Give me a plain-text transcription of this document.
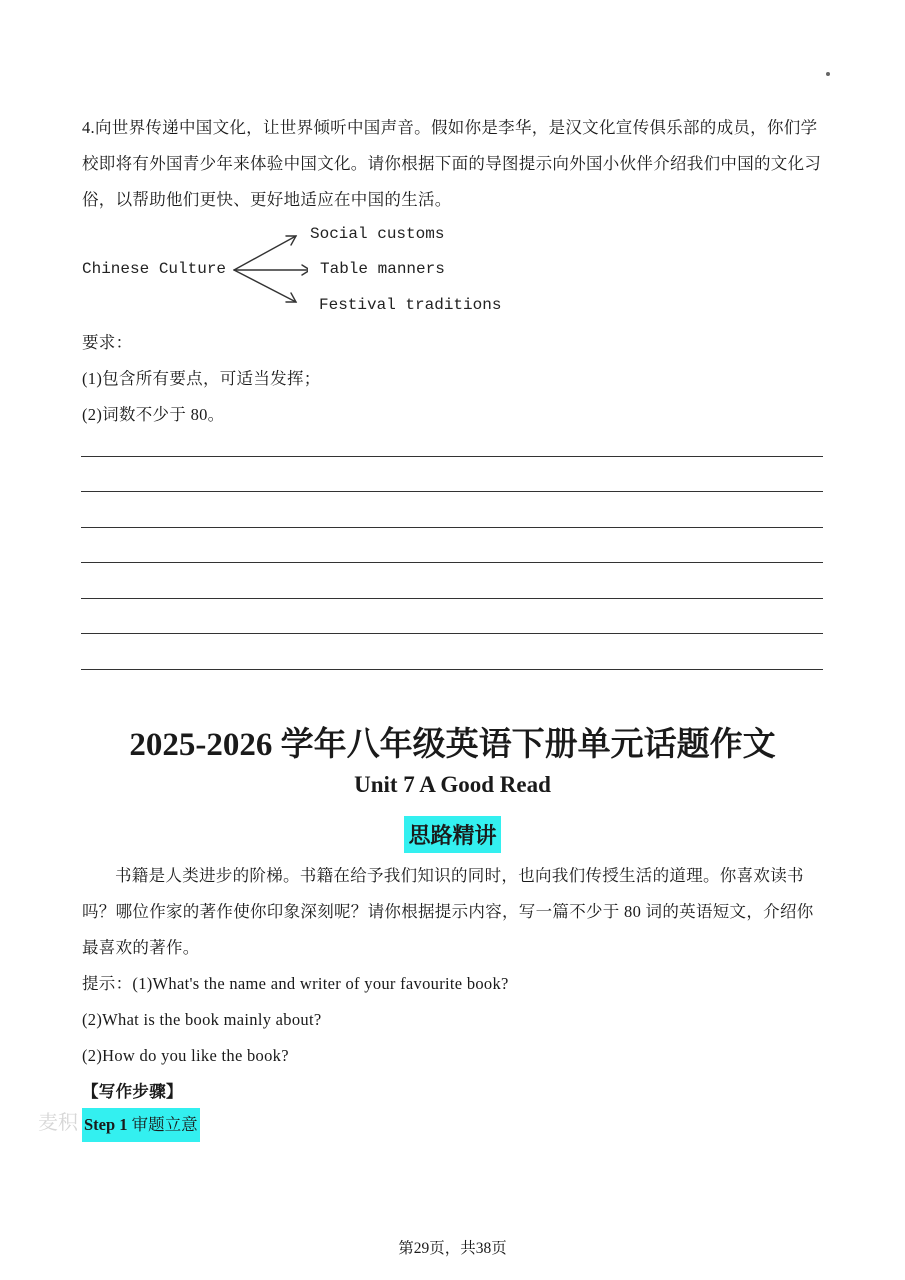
4.向世界传递中国文化，让世界倾听中国声音。假如你是李华，是汉文化宣传俱乐部的成员，你们学校即将有外国青少年来体验中国文化。请你根据下面的导图提示向外国小伙伴介绍我们中国的文化习俗，以帮助他们更快、更好地适应在中国的生活。
Chinese Culture
Social customs
Table manners
Festival traditions
要求：
(1)包含所有要点，可适当发挥；
(2)词数不少于 80。
2025-2026 学年八年级英语下册单元话题作文
Unit 7 A Good Read
思路精讲
书籍是人类进步的阶梯。书籍在给予我们知识的同时，也向我们传授生活的道理。你喜欢读书吗？哪位作家的著作使你印象深刻呢？请你根据提示内容，写一篇不少于 80 词的英语短文，介绍你最喜欢的著作。
提示：(1)What's the name and writer of your favourite book?
(2)What is the book mainly about?
(2)How do you like the book?
【写作步骤】
麦积 Step 1 审题立意
第29页，共38页
